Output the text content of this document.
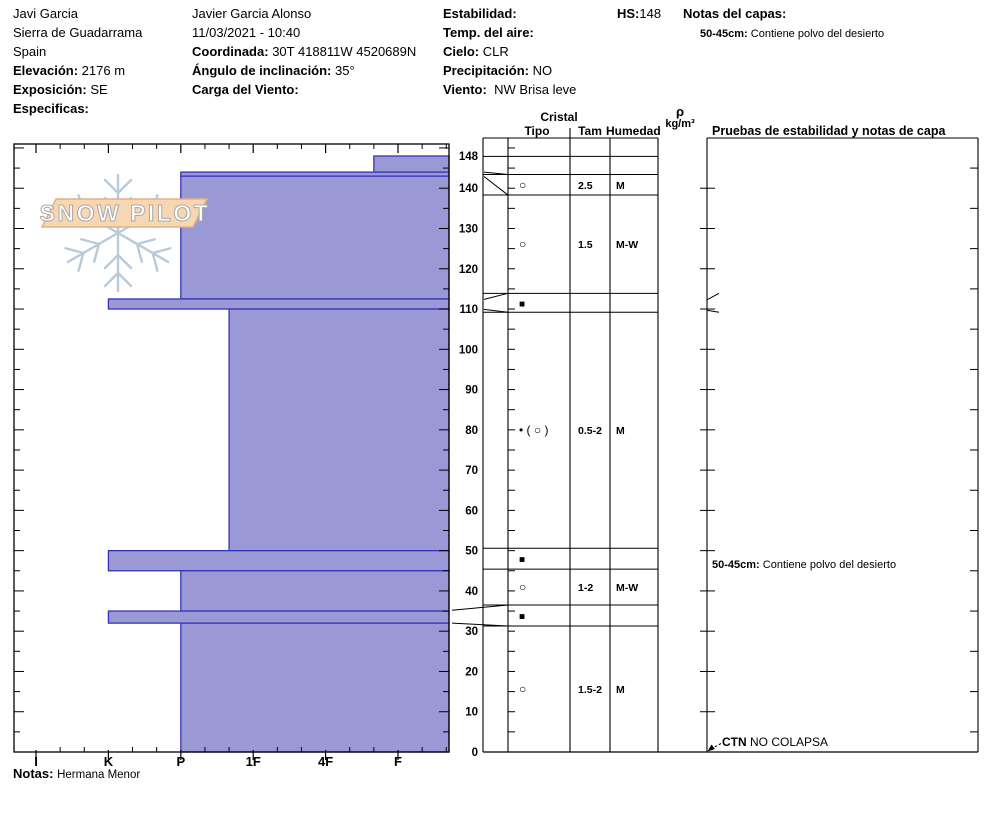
SNOW PILOT
I	K	P	1F	4F	F
148
140
130
120
110
100
90
80
70
60
50
40
30
20
10
0
○	2.5 M
○	1.5 M-W
■
• ( ○ )	0.5-2 M
■
○	1-2 M-W
■
○	1.5-2 M
Javi Garcia
Sierra de Guadarrama
Spain
Elevación: 2176 m
Exposición: SE
Especificas:
Javier Garcia Alonso
11/03/2021 - 10:40
Coordinada: 30T 418811W 4520689N
Ángulo de inclinación: 35°
Carga del Viento:
Estabilidad:
Temp. del aire:
Cielo: CLR
Precipitación: NO
Viento: NW Brisa leve
HS:148 Notas del capas:
50-45cm: Contiene polvo del desierto
Cristal
Tipo	Tam Humedad
ρ
kg/m³	Pruebas de estabilidad y notas de capa
50-45cm: Contiene polvo del desierto
CTN NO COLAPSA
Notas: Hermana Menor
